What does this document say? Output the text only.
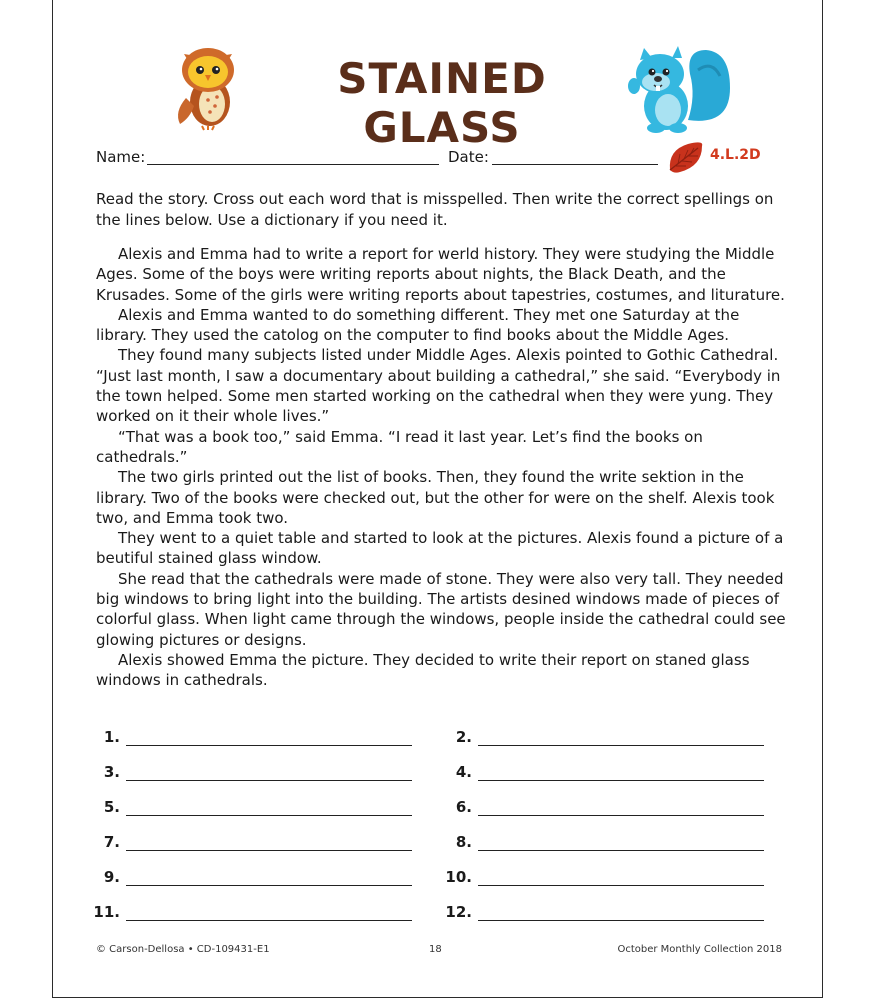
STAINED GLASS
Name:	Date:	4.L.2D
Read the story. Cross out each word that is misspelled. Then write the correct spellings on the lines below. Use a dictionary if you need it.

Alexis and Emma had to write a report for werld history. They were studying the Middle Ages. Some of the boys were writing reports about nights, the Black Death, and the Krusades. Some of the girls were writing reports about tapestries, costumes, and liturature.

Alexis and Emma wanted to do something different. They met one Saturday at the library. They used the catolog on the computer to find books about the Middle Ages.

They found many subjects listed under Middle Ages. Alexis pointed to Gothic Cathedral. “Just last month, I saw a documentary about building a cathedral,” she said. “Everybody in the town helped. Some men started working on the cathedral when they were yung. They worked on it their whole lives.”

“That was a book too,” said Emma. “I read it last year. Let’s find the books on cathedrals.”

The two girls printed out the list of books. Then, they found the write sektion in the library. Two of the books were checked out, but the other for were on the shelf. Alexis took two, and Emma took two.

They went to a quiet table and started to look at the pictures. Alexis found a picture of a beutiful stained glass window.

She read that the cathedrals were made of stone. They were also very tall. They needed big windows to bring light into the building. The artists desined windows made of pieces of colorful glass. When light came through the windows, people inside the cathedral could see glowing pictures or designs.

Alexis showed Emma the picture. They decided to write their report on staned glass windows in cathedrals.

1.	2.
3.	4.
5.	6.
7.	8.
9.	10.
11.	12.
© Carson-Dellosa • CD-109431-E1	18	October Monthly Collection 2018
